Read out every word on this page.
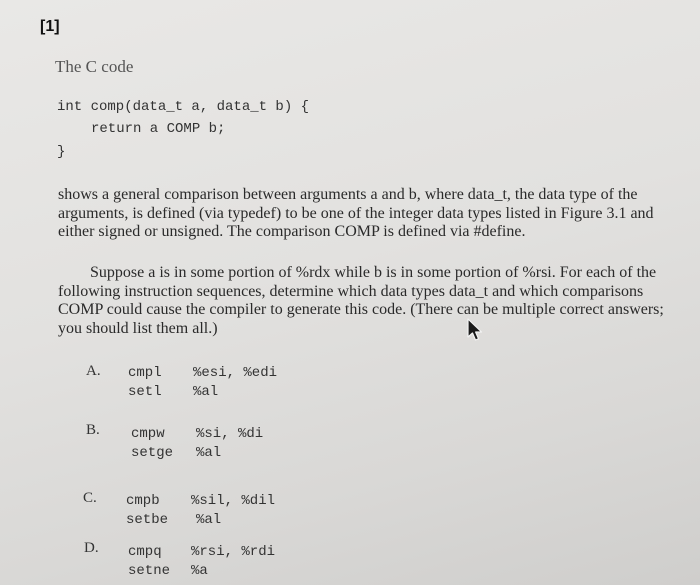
[1]
The C code
int comp(data_t a, data_t b) {
return a COMP b;
}
shows a general comparison between arguments a and b, where data_t, the data type of the arguments, is defined (via typedef) to be one of the integer data types listed in Figure 3.1 and either signed or unsigned. The comparison COMP is defined via #define.
Suppose a is in some portion of %rdx while b is in some portion of %rsi. For each of the following instruction sequences, determine which data types data_t and which comparisons COMP could cause the compiler to generate this code. (There can be multiple correct answers; you should list them all.)
A. cmpl %esi, %edi
setl %al
B. cmpw %si, %di
setge %al
C. cmpb %sil, %dil
setbe %al
D. cmpq %rsi, %rdi
setne %a
